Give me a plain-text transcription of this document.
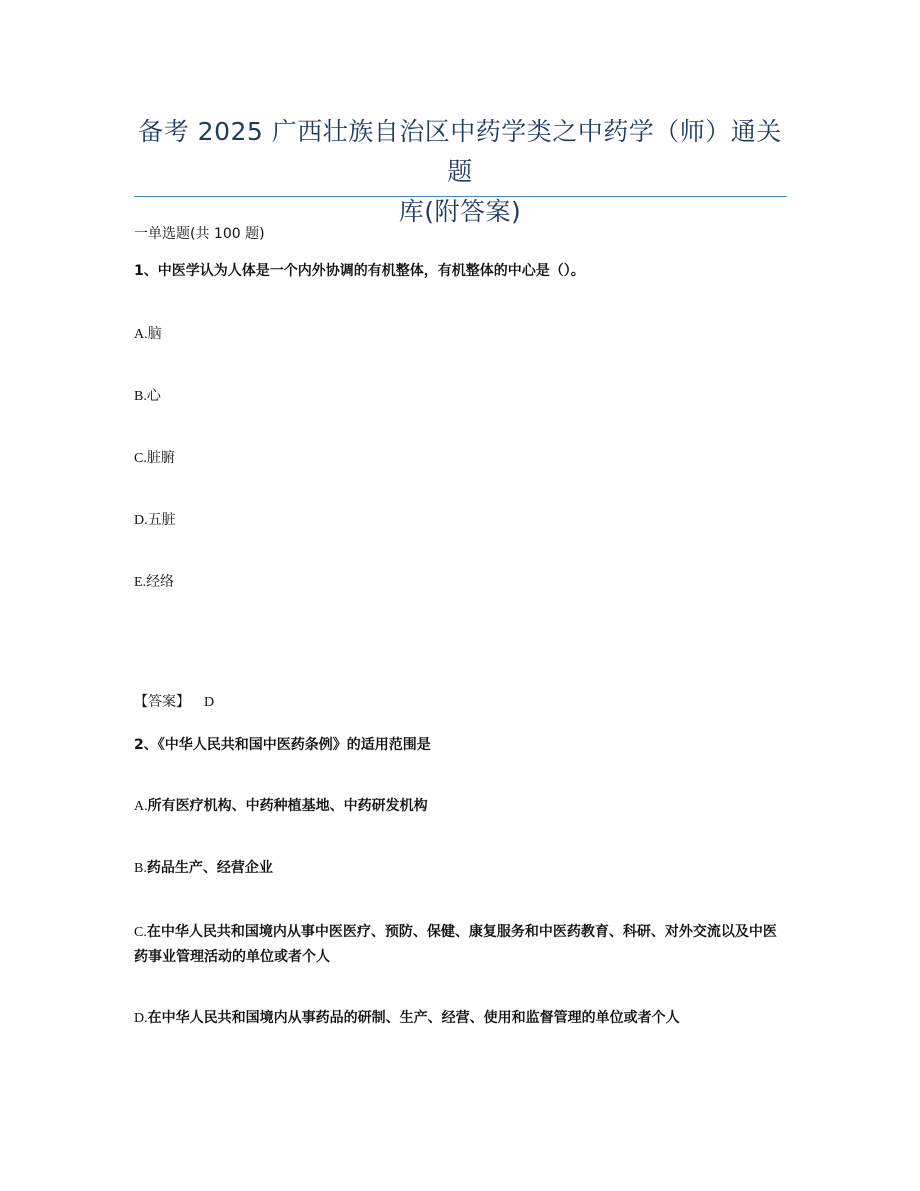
备考 2025 广西壮族自治区中药学类之中药学（师）通关题
库(附答案)
一单选题(共 100 题)
1、中医学认为人体是一个内外协调的有机整体，有机整体的中心是（）。
A.脑
B.心
C.脏腑
D.五脏
E.经络
【答案】 D
2、《中华人民共和国中医药条例》的适用范围是
A.所有医疗机构、中药种植基地、中药研发机构
B.药品生产、经营企业
C.在中华人民共和国境内从事中医医疗、预防、保健、康复服务和中医药教育、科研、对外交流以及中医药事业管理活动的单位或者个人
D.在中华人民共和国境内从事药品的研制、生产、经营、使用和监督管理的单位或者个人
